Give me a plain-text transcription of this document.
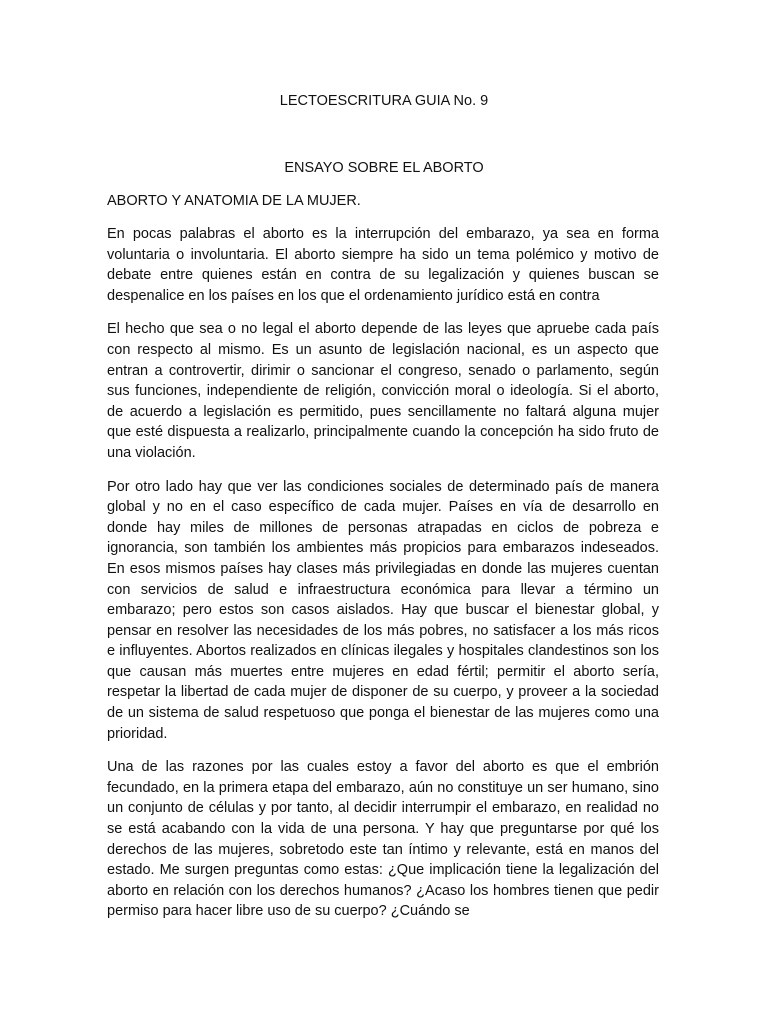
LECTOESCRITURA GUIA No. 9
ENSAYO SOBRE EL ABORTO
ABORTO Y ANATOMIA DE LA MUJER.

En pocas palabras el aborto es la interrupción del embarazo, ya sea en forma voluntaria o involuntaria. El aborto siempre ha sido un tema polémico y motivo de debate entre quienes están en contra de su legalización y quienes buscan se despenalice en los países en los que el ordenamiento jurídico está en contra

El hecho que sea o no legal el aborto depende de las leyes que apruebe cada país con respecto al mismo. Es un asunto de legislación nacional, es un aspecto que entran a controvertir, dirimir o sancionar el congreso, senado o parlamento, según sus funciones, independiente de religión, convicción moral o ideología. Si el aborto, de acuerdo a legislación es permitido, pues sencillamente no faltará alguna mujer que esté dispuesta a realizarlo, principalmente cuando la concepción ha sido fruto de una violación.

Por otro lado hay que ver las condiciones sociales de determinado país de manera global y no en el caso específico de cada mujer. Países en vía de desarrollo en donde hay miles de millones de personas atrapadas en ciclos de pobreza e ignorancia, son también los ambientes más propicios para embarazos indeseados. En esos mismos países hay clases más privilegiadas en donde las mujeres cuentan con servicios de salud e infraestructura económica para llevar a término un embarazo; pero estos son casos aislados. Hay que buscar el bienestar global, y pensar en resolver las necesidades de los más pobres, no satisfacer a los más ricos e influyentes. Abortos realizados en clínicas ilegales y hospitales clandestinos son los que causan más muertes entre mujeres en edad fértil; permitir el aborto sería, respetar la libertad de cada mujer de disponer de su cuerpo, y proveer a la sociedad de un sistema de salud respetuoso que ponga el bienestar de las mujeres como una prioridad.

Una de las razones por las cuales estoy a favor del aborto es que el embrión fecundado, en la primera etapa del embarazo, aún no constituye un ser humano, sino un conjunto de células y por tanto, al decidir interrumpir el embarazo, en realidad no se está acabando con la vida de una persona. Y hay que preguntarse por qué los derechos de las mujeres, sobretodo este tan íntimo y relevante, está en manos del estado. Me surgen preguntas como estas: ¿Que implicación tiene la legalización del aborto en relación con los derechos humanos? ¿Acaso los hombres tienen que pedir permiso para hacer libre uso de su cuerpo? ¿Cuándo se
